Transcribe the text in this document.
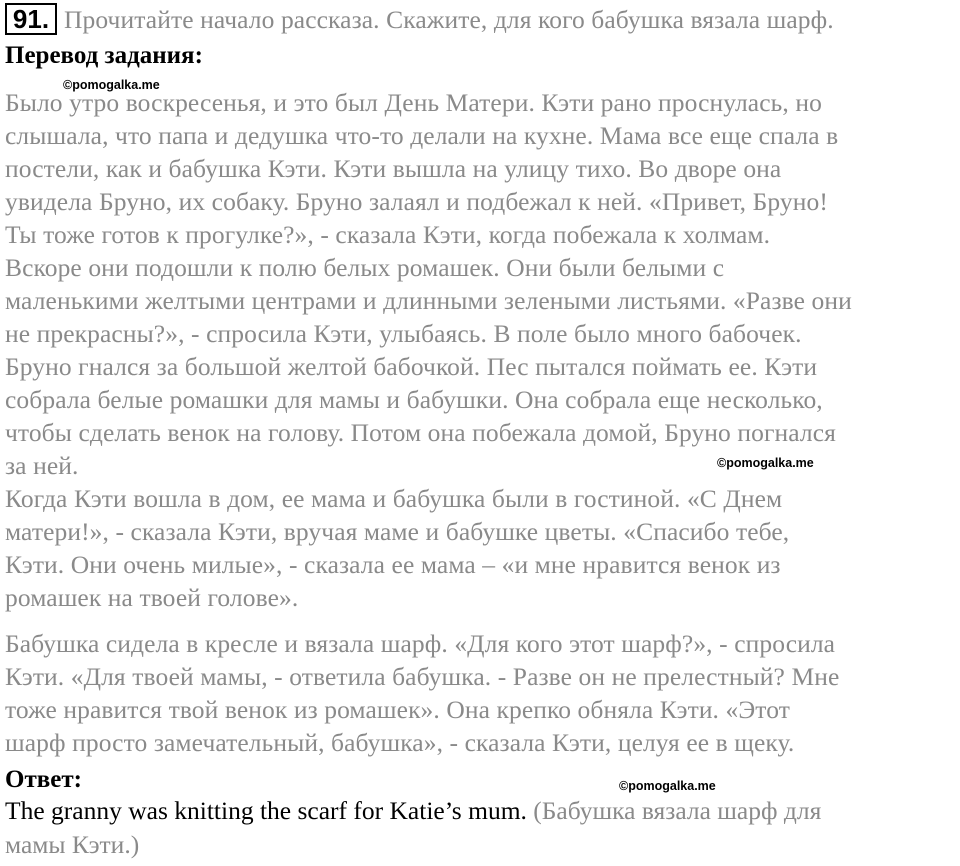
91. Прочитайте начало рассказа. Скажите, для кого бабушка вязала шарф.
Перевод задания:
©pomogalka.me
Было утро воскресенья, и это был День Матери. Кэти рано проснулась, но
слышала, что папа и дедушка что-то делали на кухне. Мама все еще спала в
постели, как и бабушка Кэти. Кэти вышла на улицу тихо. Во дворе она
увидела Бруно, их собаку. Бруно залаял и подбежал к ней. «Привет, Бруно!
Ты тоже готов к прогулке?», - сказала Кэти, когда побежала к холмам.
Вскоре они подошли к полю белых ромашек. Они были белыми с
маленькими желтыми центрами и длинными зелеными листьями. «Разве они
не прекрасны?», - спросила Кэти, улыбаясь. В поле было много бабочек.
Бруно гнался за большой желтой бабочкой. Пес пытался поймать ее. Кэти
собрала белые ромашки для мамы и бабушки. Она собрала еще несколько,
чтобы сделать венок на голову. Потом она побежала домой, Бруно погнался
за ней.	©pomogalka.me
Когда Кэти вошла в дом, ее мама и бабушка были в гостиной. «С Днем
матери!», - сказала Кэти, вручая маме и бабушке цветы. «Спасибо тебе,
Кэти. Они очень милые», - сказала ее мама – «и мне нравится венок из
ромашек на твоей голове».
Бабушка сидела в кресле и вязала шарф. «Для кого этот шарф?», - спросила
Кэти. «Для твоей мамы, - ответила бабушка. - Разве он не прелестный? Мне
тоже нравится твой венок из ромашек». Она крепко обняла Кэти. «Этот
шарф просто замечательный, бабушка», - сказала Кэти, целуя ее в щеку.
Ответ:	©pomogalka.me
The granny was knitting the scarf for Katie’s mum. (Бабушка вязала шарф для
мамы Кэти.)
